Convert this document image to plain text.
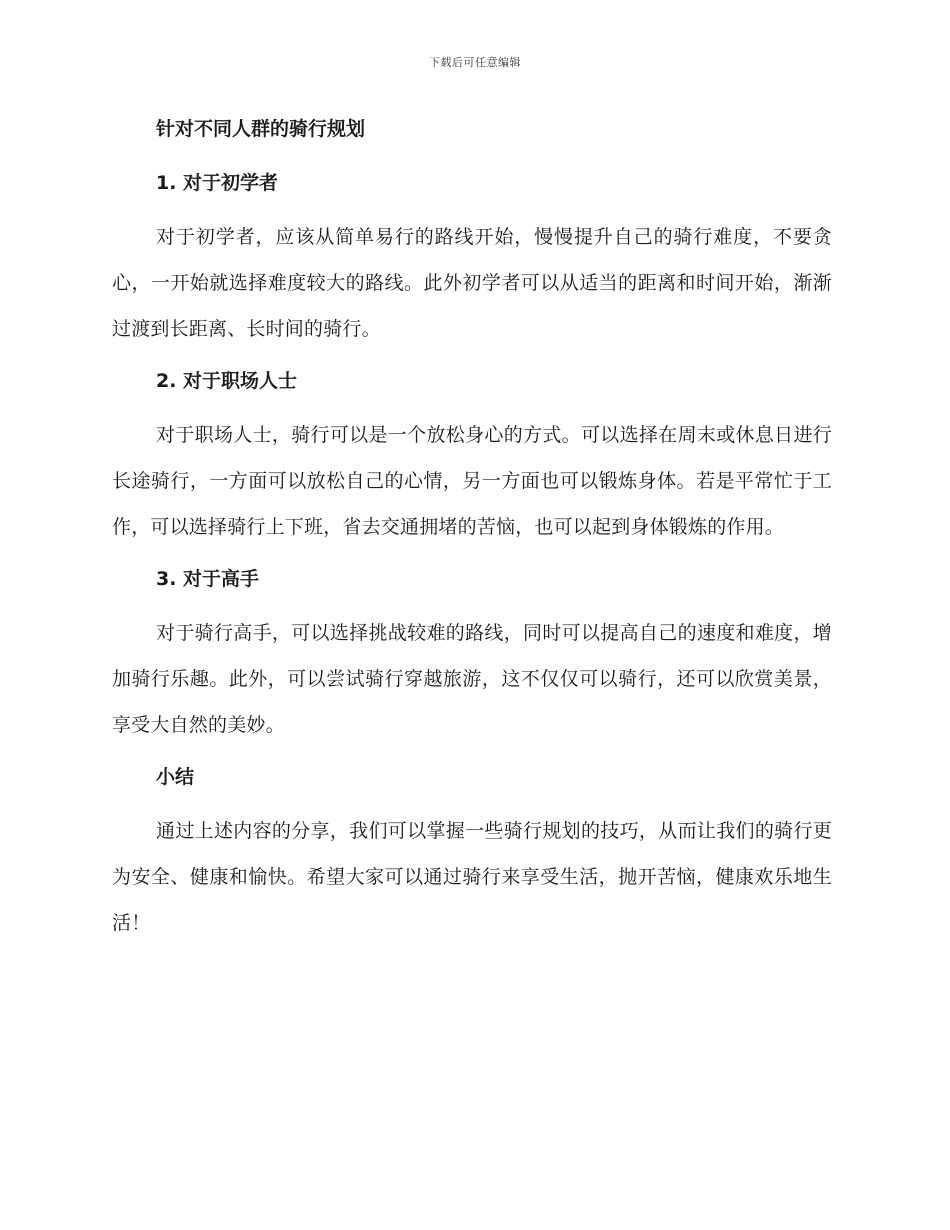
下载后可任意编辑
针对不同人群的骑行规划
1. 对于初学者

对于初学者，应该从简单易行的路线开始，慢慢提升自己的骑行难度，不要贪心，一开始就选择难度较大的路线。此外初学者可以从适当的距离和时间开始，渐渐过渡到长距离、长时间的骑行。

2. 对于职场人士

对于职场人士，骑行可以是一个放松身心的方式。可以选择在周末或休息日进行长途骑行，一方面可以放松自己的心情，另一方面也可以锻炼身体。若是平常忙于工作，可以选择骑行上下班，省去交通拥堵的苦恼，也可以起到身体锻炼的作用。

3. 对于高手

对于骑行高手，可以选择挑战较难的路线，同时可以提高自己的速度和难度，增加骑行乐趣。此外，可以尝试骑行穿越旅游，这不仅仅可以骑行，还可以欣赏美景，享受大自然的美妙。

小结

通过上述内容的分享，我们可以掌握一些骑行规划的技巧，从而让我们的骑行更为安全、健康和愉快。希望大家可以通过骑行来享受生活，抛开苦恼，健康欢乐地生活！
